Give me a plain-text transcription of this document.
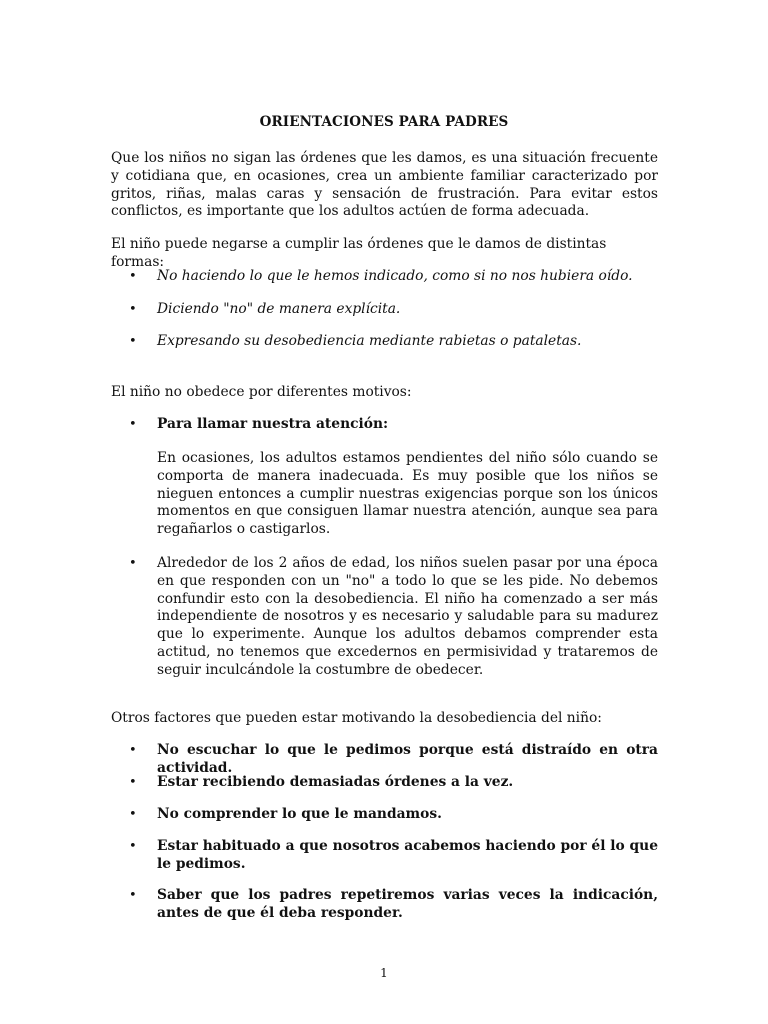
ORIENTACIONES PARA PADRES

Que los niños no sigan las órdenes que les damos, es una situación frecuente y cotidiana que, en ocasiones, crea un ambiente familiar caracterizado por gritos, riñas, malas caras y sensación de frustración. Para evitar estos conflictos, es importante que los adultos actúen de forma adecuada.

El niño puede negarse a cumplir las órdenes que le damos de distintas formas:

• No haciendo lo que le hemos indicado, como si no nos hubiera oído.

• Diciendo "no" de manera explícita.

• Expresando su desobediencia mediante rabietas o pataletas.

El niño no obedece por diferentes motivos:

• Para llamar nuestra atención:

En ocasiones, los adultos estamos pendientes del niño sólo cuando se comporta de manera inadecuada. Es muy posible que los niños se nieguen entonces a cumplir nuestras exigencias porque son los únicos momentos en que consiguen llamar nuestra atención, aunque sea para regañarlos o castigarlos.

• Alrededor de los 2 años de edad, los niños suelen pasar por una época en que responden con un "no" a todo lo que se les pide. No debemos confundir esto con la desobediencia. El niño ha comenzado a ser más independiente de nosotros y es necesario y saludable para su madurez que lo experimente. Aunque los adultos debamos comprender esta actitud, no tenemos que excedernos en permisividad y trataremos de seguir inculcándole la costumbre de obedecer.

Otros factores que pueden estar motivando la desobediencia del niño:

• No escuchar lo que le pedimos porque está distraído en otra actividad.

• Estar recibiendo demasiadas órdenes a la vez.

• No comprender lo que le mandamos.

• Estar habituado a que nosotros acabemos haciendo por él lo que le pedimos.

• Saber que los padres repetiremos varias veces la indicación, antes de que él deba responder.

1
